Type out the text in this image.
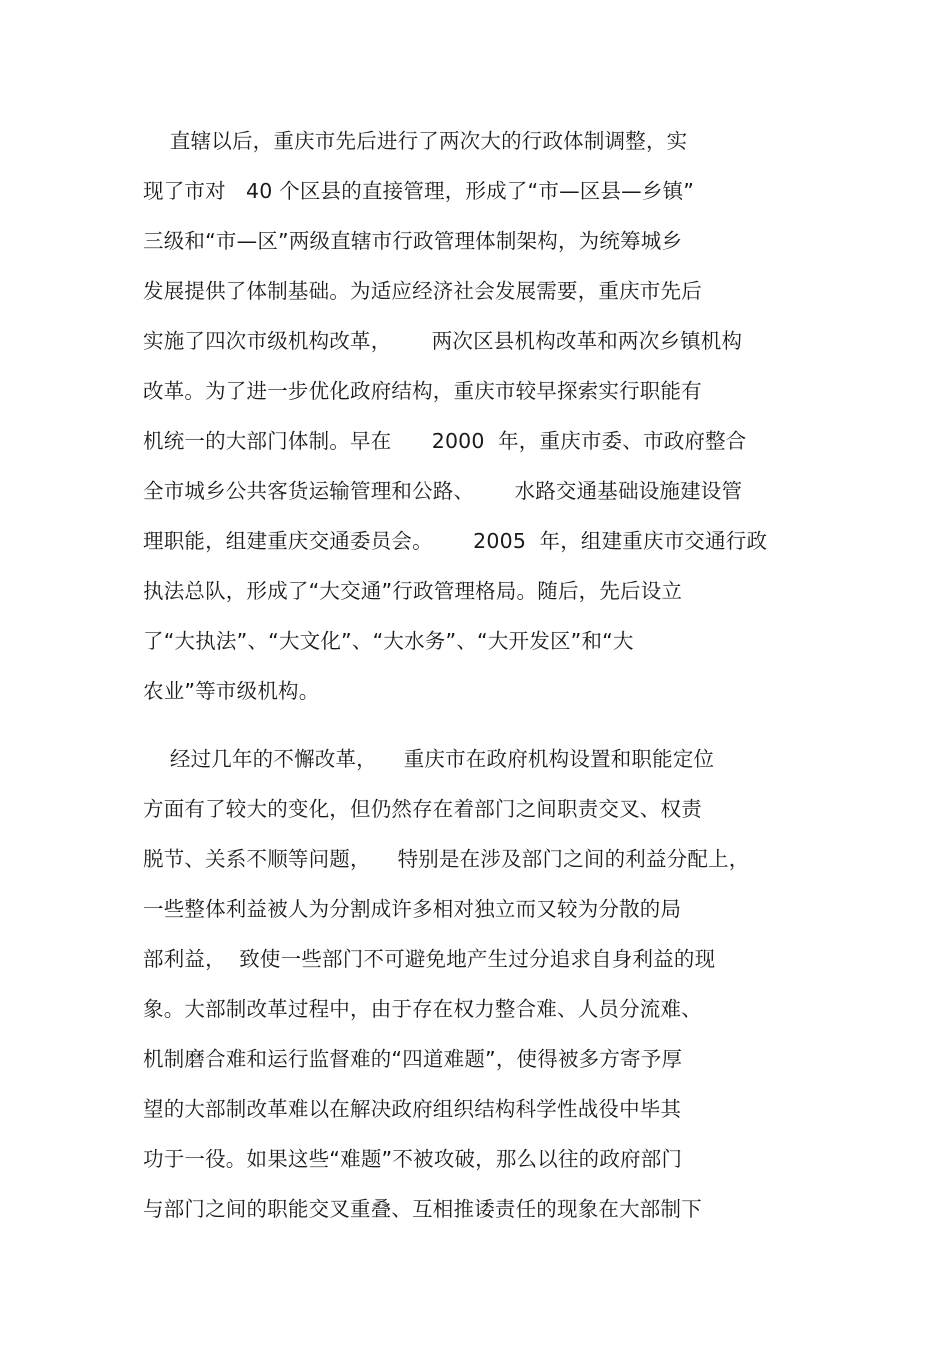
直辖以后，重庆市先后进行了两次大的行政体制调整，实
现了市对   40 个区县的直接管理，形成了“市—区县—乡镇”
三级和“市—区”两级直辖市行政管理体制架构，为统筹城乡
发展提供了体制基础。为适应经济社会发展需要，重庆市先后
实施了四次市级机构改革，      两次区县机构改革和两次乡镇机构
改革。为了进一步优化政府结构，重庆市较早探索实行职能有
机统一的大部门体制。早在      2000  年，重庆市委、市政府整合
全市城乡公共客货运输管理和公路、      水路交通基础设施建设管
理职能，组建重庆交通委员会。      2005  年，组建重庆市交通行政
执法总队，形成了“大交通”行政管理格局。随后，先后设立
了“大执法”、“大文化”、“大水务”、“大开发区”和“大
农业”等市级机构。
经过几年的不懈改革，    重庆市在政府机构设置和职能定位
方面有了较大的变化，但仍然存在着部门之间职责交叉、权责
脱节、关系不顺等问题，    特别是在涉及部门之间的利益分配上，
一些整体利益被人为分割成许多相对独立而又较为分散的局
部利益，  致使一些部门不可避免地产生过分追求自身利益的现
象。大部制改革过程中，由于存在权力整合难、人员分流难、
机制磨合难和运行监督难的“四道难题”，使得被多方寄予厚
望的大部制改革难以在解决政府组织结构科学性战役中毕其
功于一役。如果这些“难题”不被攻破，那么以往的政府部门
与部门之间的职能交叉重叠、互相推诿责任的现象在大部制下
